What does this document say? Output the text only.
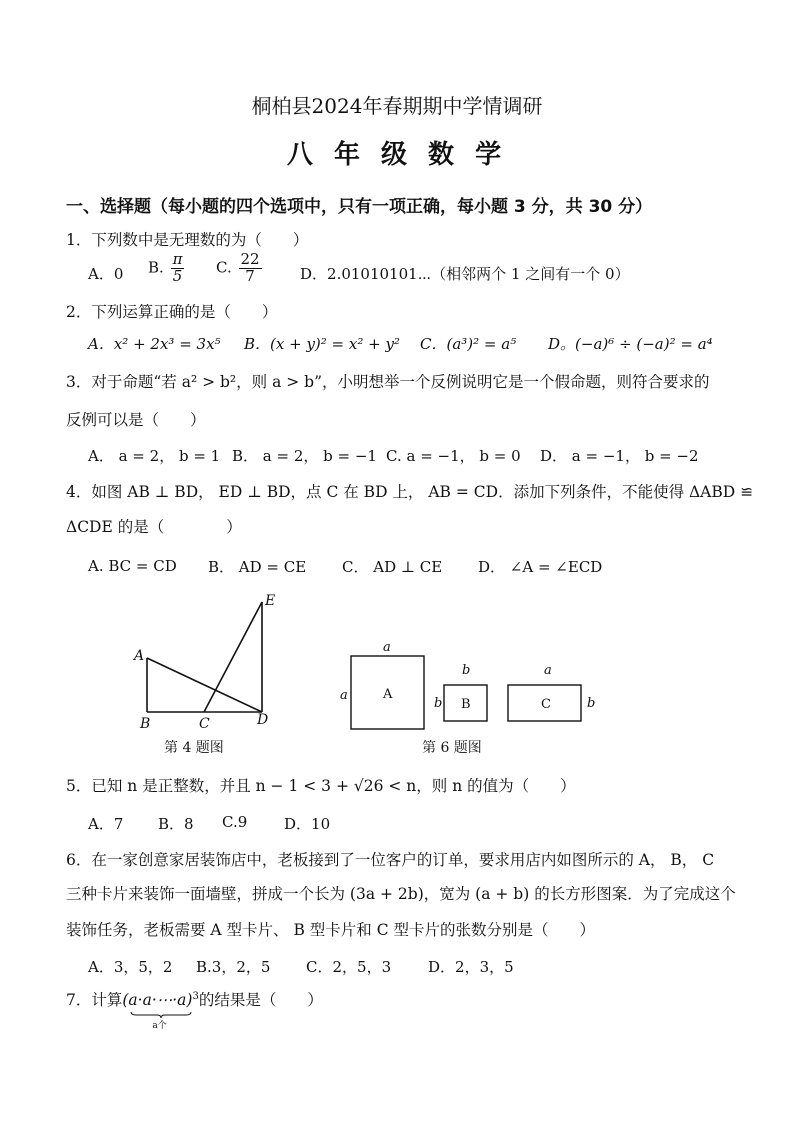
桐柏县2024年春期期中学情调研
八 年 级 数 学
一、选择题（每小题的四个选项中，只有一项正确，每小题 3 分，共 30 分）
1．下列数中是无理数的为（　　）
A．0 B. $\frac{\pi}{5} C$. $\frac{22}{7}$	D．2.01010101⋯（相邻两个 1 之间有一个 0）
2．下列运算正确的是（　　）
A．x² + 2x³ = 3x⁵ B．(x + y)² = x² + y² C．(a³)² = a⁵ D。(−a)⁶ ÷ (−a)² = a⁴
3．对于命题“若 a² > b²，则 a > b”，小明想举一个反例说明它是一个假命题，则符合要求的
反例可以是（　　）
A． a = 2， b = 1 B． a = 2， b = −1 C. a = −1， b = 0 D． a = −1， b = −2
4．如图 AB ⊥ BD， ED ⊥ BD，点 C 在 BD 上， AB = CD．添加下列条件，不能使得 ΔABD ≌
ΔCDE 的是（　　　　）
A. BC = CD B． AD = CE C． AD ⊥ CE D． ∠A = ∠ECD
A
B	C	D
E
第 4 题图
a
a	A
b
b B
a
b
C
第 6 题图
5．已知 n 是正整数，并且 n − 1 < 3 + √26 < n，则 n 的值为（　　）
A．7 B．8 C.9 D．10
6．在一家创意家居装饰店中，老板接到了一位客户的订单，要求用店内如图所示的 A， B， C
三种卡片来装饰一面墙壁，拼成一个长为 (3a + 2b)，宽为 (a + b) 的长方形图案．为了完成这个
装饰任务，老板需要 A 型卡片、 B 型卡片和 C 型卡片的张数分别是（　　）
A．3，5，2 B.3，2，5 C．2，5，3 D．2，3，5
7．计算(a·a·⋯·a)$^3$
a个
的结果是（　　）
